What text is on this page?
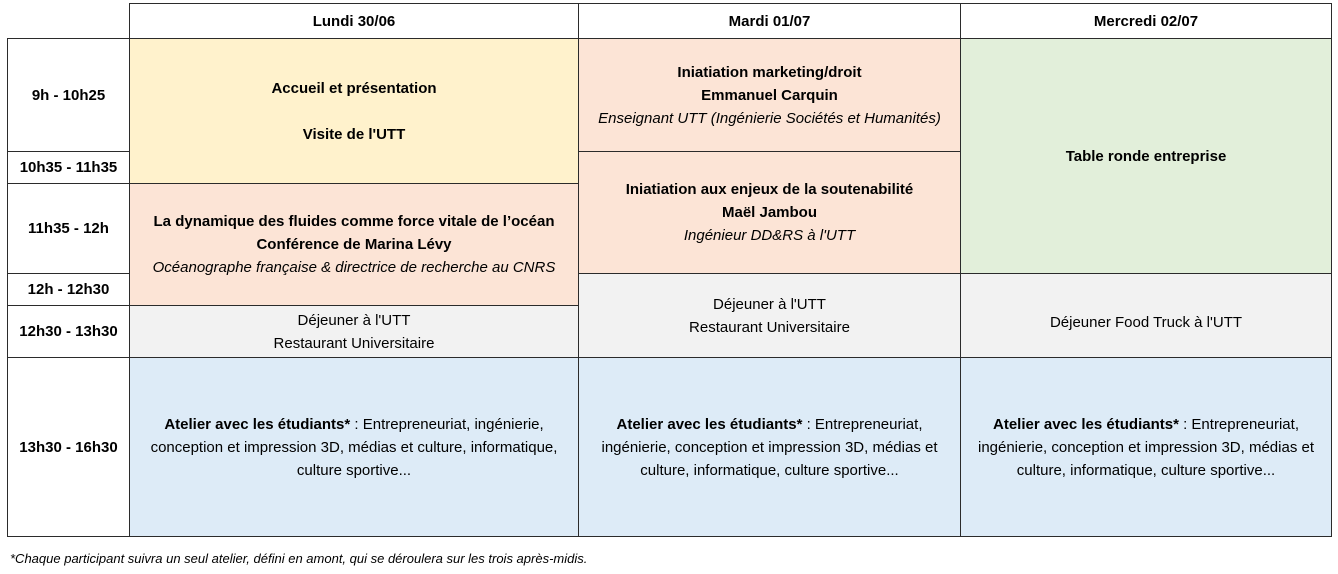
Lundi 30/06	Mardi 01/07	Mercredi 02/07
9h - 10h25
10h35 - 11h35
11h35 - 12h
12h - 12h30
12h30 - 13h30
13h30 - 16h30
Accueil et présentation
Visite de l'UTT
La dynamique des fluides comme force vitale de l’océan
Conférence de Marina Lévy
Océanographe française & directrice de recherche au CNRS
Déjeuner à l'UTT
Restaurant Universitaire
Atelier avec les étudiants* : Entrepreneuriat, ingénierie, conception et impression 3D, médias et culture, informatique, culture sportive...
Iniatiation marketing/droit
Emmanuel Carquin
Enseignant UTT (Ingénierie Sociétés et Humanités)
Iniatiation aux enjeux de la soutenabilité
Maël Jambou
Ingénieur DD&RS à l'UTT
Déjeuner à l'UTT
Restaurant Universitaire
Atelier avec les étudiants* : Entrepreneuriat, ingénierie, conception et impression 3D, médias et culture, informatique, culture sportive...
Table ronde entreprise
Déjeuner Food Truck à l'UTT
Atelier avec les étudiants* : Entrepreneuriat, ingénierie, conception et impression 3D, médias et culture, informatique, culture sportive...
*Chaque participant suivra un seul atelier, défini en amont, qui se déroulera sur les trois après-midis.
